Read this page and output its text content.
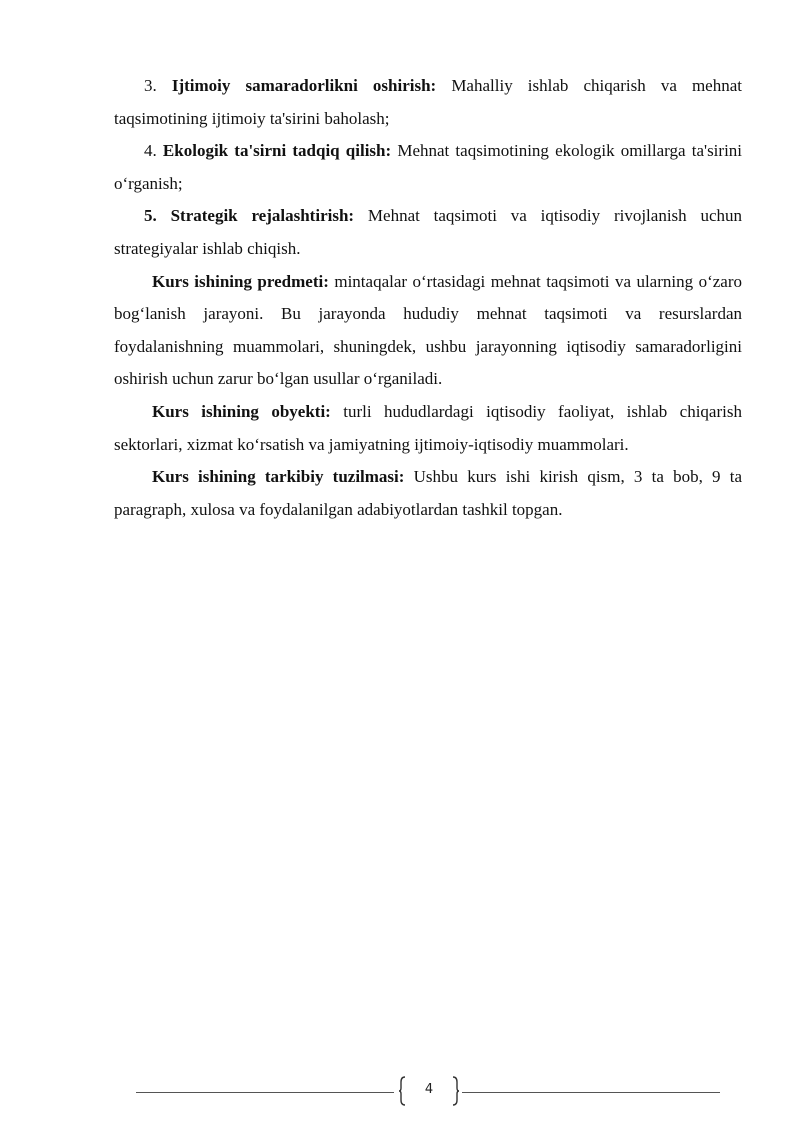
3. Ijtimoiy samaradorlikni oshirish: Mahalliy ishlab chiqarish va mehnat taqsimotining ijtimoiy ta'sirini baholash;

4. Ekologik ta'sirni tadqiq qilish: Mehnat taqsimotining ekologik omillarga ta'sirini oʻrganish;

5. Strategik rejalashtirish: Mehnat taqsimoti va iqtisodiy rivojlanish uchun strategiyalar ishlab chiqish.

Kurs ishining predmeti: mintaqalar oʻrtasidagi mehnat taqsimoti va ularning oʻzaro bogʻlanish jarayoni. Bu jarayonda hududiy mehnat taqsimoti va resurslardan foydalanishning muammolari, shuningdek, ushbu jarayonning iqtisodiy samaradorligini oshirish uchun zarur boʻlgan usullar oʻrganiladi.

Kurs ishining obyekti: turli hududlardagi iqtisodiy faoliyat, ishlab chiqarish sektorlari, xizmat koʻrsatish va jamiyatning ijtimoiy-iqtisodiy muammolari.

Kurs ishining tarkibiy tuzilmasi: Ushbu kurs ishi kirish qism, 3 ta bob, 9 ta paragraph, xulosa va foydalanilgan adabiyotlardan tashkil topgan.

4
